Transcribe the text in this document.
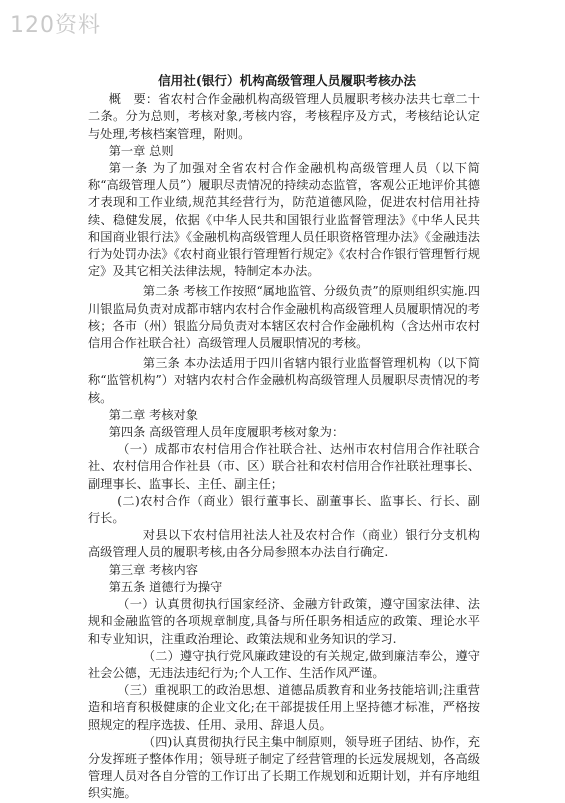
120资料
信用社(银行）机构高级管理人员履职考核办法

概　要：省农村合作金融机构高级管理人员履职考核办法共七章二十二条。分为总则，考核对象,考核内容，考核程序及方式，考核结论认定与处理,考核档案管理，附则。

第一章 总则

第一条 为了加强对全省农村合作金融机构高级管理人员（以下简称“高级管理人员”）履职尽责情况的持续动态监管，客观公正地评价其德才表现和工作业绩,规范其经营行为，防范道德风险，促进农村信用社持续、稳健发展，依据《中华人民共和国银行业监督管理法》《中华人民共和国商业银行法》《金融机构高级管理人员任职资格管理办法》《金融违法行为处罚办法》《农村商业银行管理暂行规定》《农村合作银行管理暂行规定》及其它相关法律法规，特制定本办法。

第二条 考核工作按照“属地监管、分级负责”的原则组织实施.四川银监局负责对成都市辖内农村合作金融机构高级管理人员履职情况的考核；各市（州）银监分局负责对本辖区农村合作金融机构（含达州市农村信用合作社联合社）高级管理人员履职情况的考核。

第三条 本办法适用于四川省辖内银行业监督管理机构（以下简称“监管机构”）对辖内农村合作金融机构高级管理人员履职尽责情况的考核。

第二章 考核对象

第四条 高级管理人员年度履职考核对象为：

（一）成都市农村信用合作社联合社、达州市农村信用合作社联合社、农村信用合作社县（市、区）联合社和农村信用合作社联社理事长、副理事长、监事长、主任、副主任；

(二)农村合作（商业）银行董事长、副董事长、监事长、行长、副行长。

对县以下农村信用社法人社及农村合作（商业）银行分支机构高级管理人员的履职考核,由各分局参照本办法自行确定.

第三章 考核内容

第五条 道德行为操守

（一）认真贯彻执行国家经济、金融方针政策，遵守国家法律、法规和金融监管的各项规章制度,具备与所任职务相适应的政策、理论水平和专业知识，注重政治理论、政策法规和业务知识的学习.

（二）遵守执行党风廉政建设的有关规定,做到廉洁奉公，遵守社会公德，无违法违纪行为;个人工作、生活作风严谨。

（三）重视职工的政治思想、道德品质教育和业务技能培训;注重营造和培育积极健康的企业文化;在干部提拔任用上坚持德才标准，严格按照规定的程序选拔、任用、录用、辞退人员。

（四)认真贯彻执行民主集中制原则，领导班子团结、协作，充分发挥班子整体作用；领导班子制定了经营管理的长远发展规划，各高级管理人员对各自分管的工作订出了长期工作规划和近期计划，并有序地组织实施。
